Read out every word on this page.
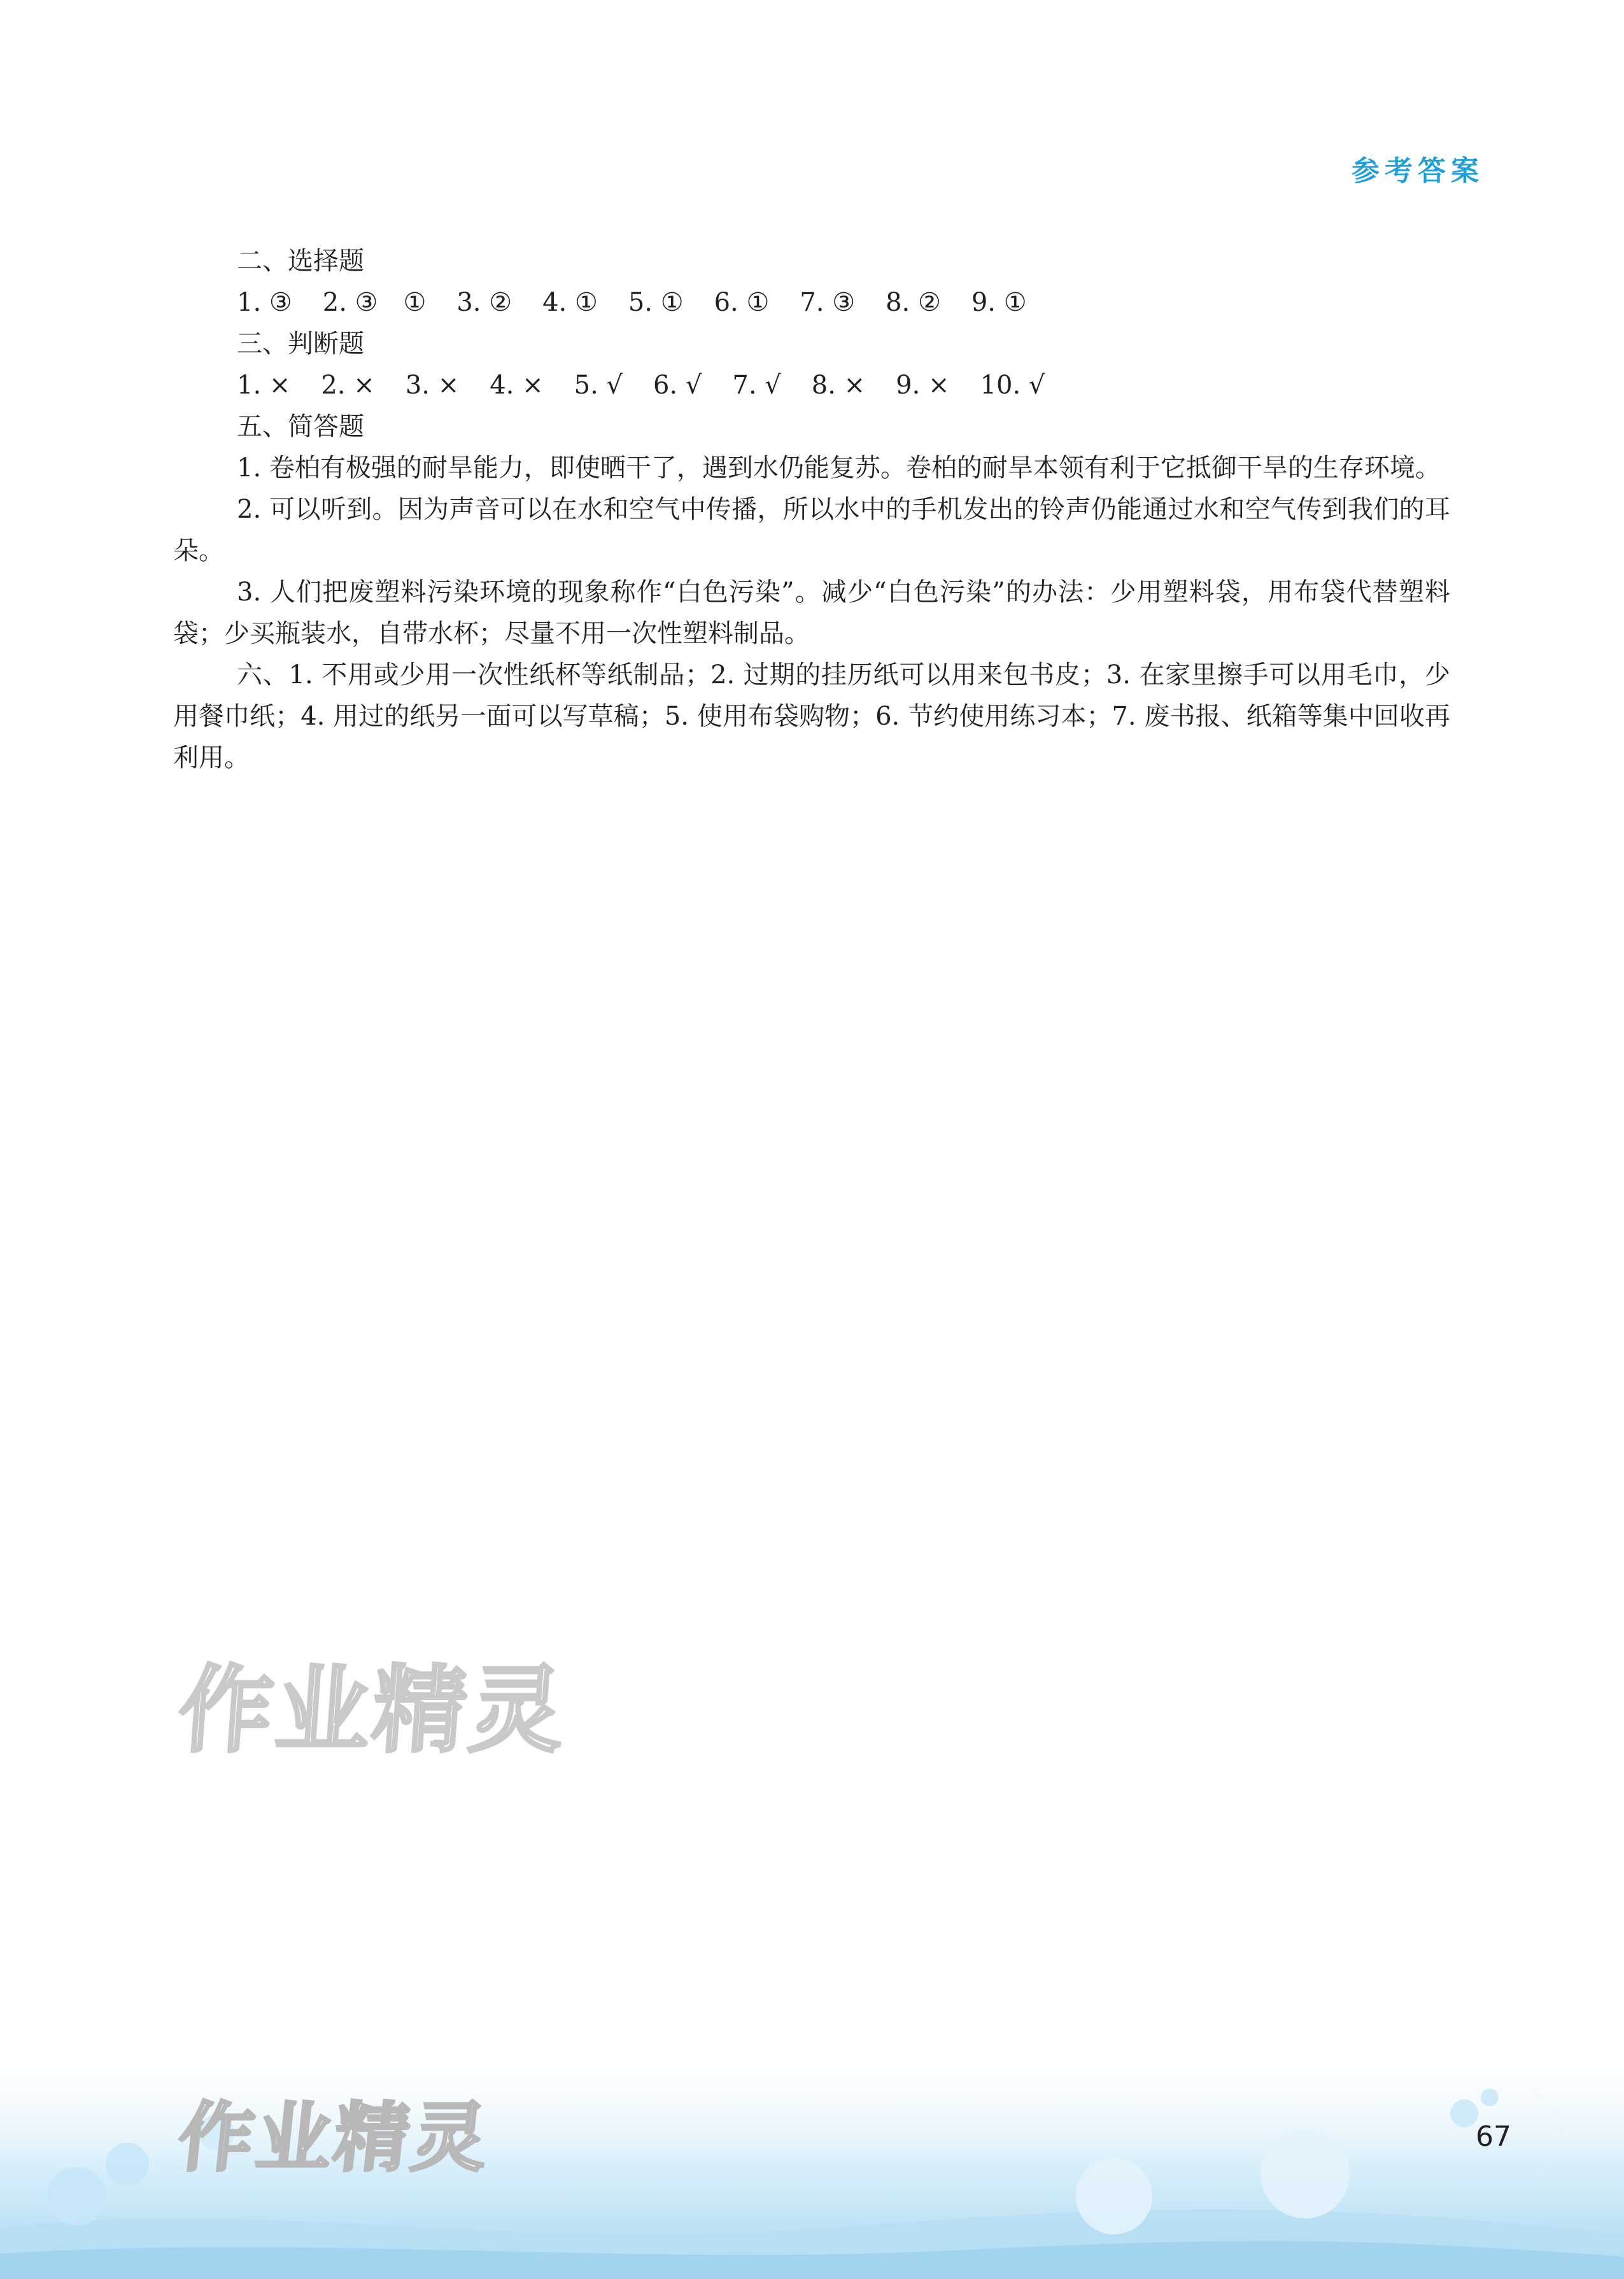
参考答案
二、选择题
1. ③ 2. ③　① 3. ② 4. ① 5. ① 6. ① 7. ③ 8. ② 9. ①
三、判断题
1. × 2. × 3. × 4. × 5. √ 6. √ 7. √ 8. × 9. × 10. √
五、简答题
1. 卷柏有极强的耐旱能力，即使晒干了，遇到水仍能复苏。卷柏的耐旱本领有利于它抵御干旱的生存环境。
2. 可以听到。因为声音可以在水和空气中传播，所以水中的手机发出的铃声仍能通过水和空气传到我们的耳朵。
3. 人们把废塑料污染环境的现象称作“白色污染”。减少“白色污染”的办法：少用塑料袋，用布袋代替塑料袋；少买瓶装水，自带水杯；尽量不用一次性塑料制品。
六、1. 不用或少用一次性纸杯等纸制品；2. 过期的挂历纸可以用来包书皮；3. 在家里擦手可以用毛巾，少用餐巾纸；4. 用过的纸另一面可以写草稿；5. 使用布袋购物；6. 节约使用练习本；7. 废书报、纸箱等集中回收再利用。
作业精灵
作业精灵	67
